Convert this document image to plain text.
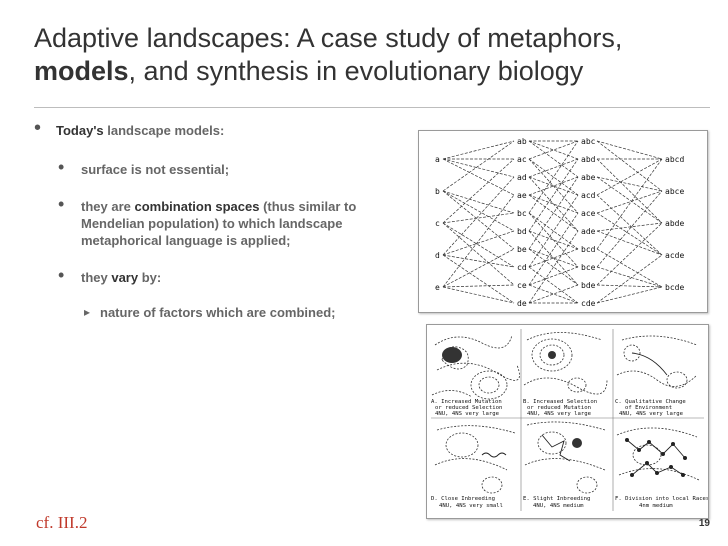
Adaptive landscapes: A case study of metaphors,
models, and synthesis in evolutionary biology
• Today's landscape models:
• surface is not essential;
• they are combination spaces (thus similar to Mendelian population) to which landscape metaphorical language is applied;
• they vary by:
▸ nature of factors which are combined;
a
b
c
d
e
ab
ac
ad
ae
bc
bd
be
cd
ce
de
abc
abd
abe
acd
ace
ade
bcd
bce
bde
cde
abcd
abce
abde
acde
bcde
A. Increased Mutation
or reduced Selection
4NU, 4NS very large
B. Increased Selection
or reduced Mutation
4NU, 4NS very large
C. Qualitative Change
of Environment
4NU, 4NS very large
D. Close Inbreeding
4NU, 4NS very small
E. Slight Inbreeding
4NU, 4NS medium
F. Division into local Races
4nm medium
cf. III.2	19
